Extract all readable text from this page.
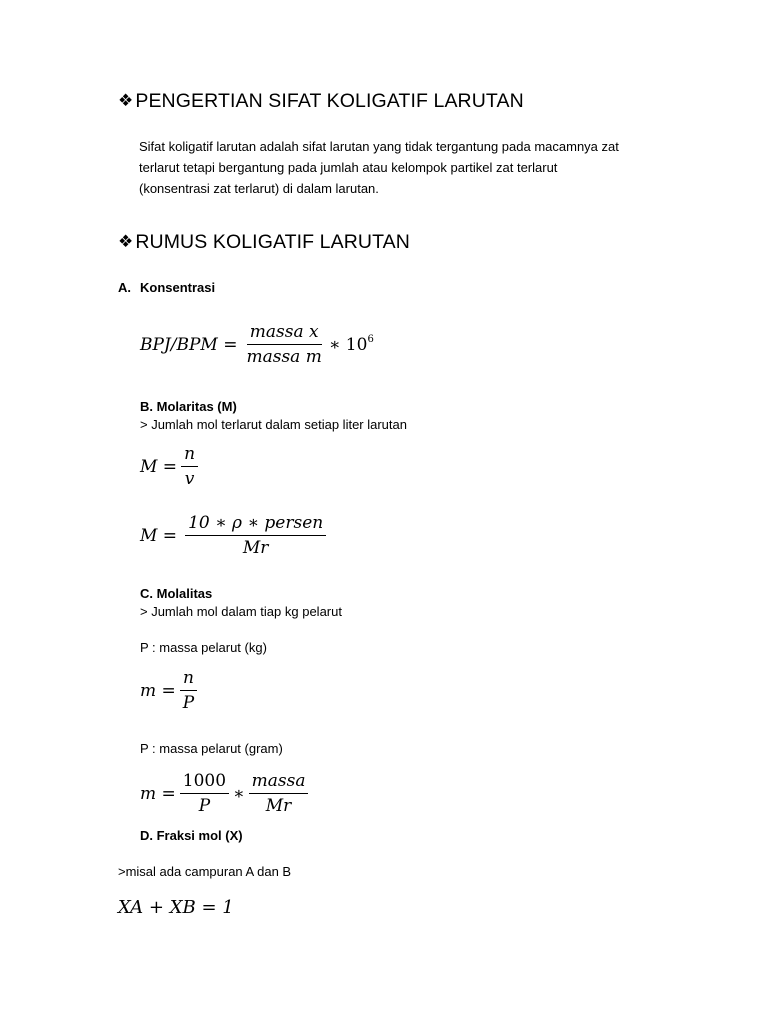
❖ PENGERTIAN SIFAT KOLIGATIF LARUTAN
Sifat koligatif larutan adalah sifat larutan yang tidak tergantung pada macamnya zat
terlarut tetapi bergantung pada jumlah atau kelompok partikel zat terlarut
(konsentrasi zat terlarut) di dalam larutan.
❖ RUMUS KOLIGATIF LARUTAN
A. Konsentrasi
$BPJ/BPM = \frac{\text{massa x}}{\text{massa m}}$ ∗ $10^6$
B. Molaritas (M)
> Jumlah mol terlarut dalam setiap liter larutan
$M = \frac{n}{v}$
$M = \frac{\text{10 ∗ ρ ∗ persen}}{Mr}$
C. Molalitas
> Jumlah mol dalam tiap kg pelarut
P : massa pelarut (kg)
$m = \frac{n}{P}$
P : massa pelarut (gram)
$m = \frac{1000}{P}$ ∗ $\frac{\text{massa}}{Mr}$
D. Fraksi mol (X)
>misal ada campuran A dan B
XA + XB = 1
